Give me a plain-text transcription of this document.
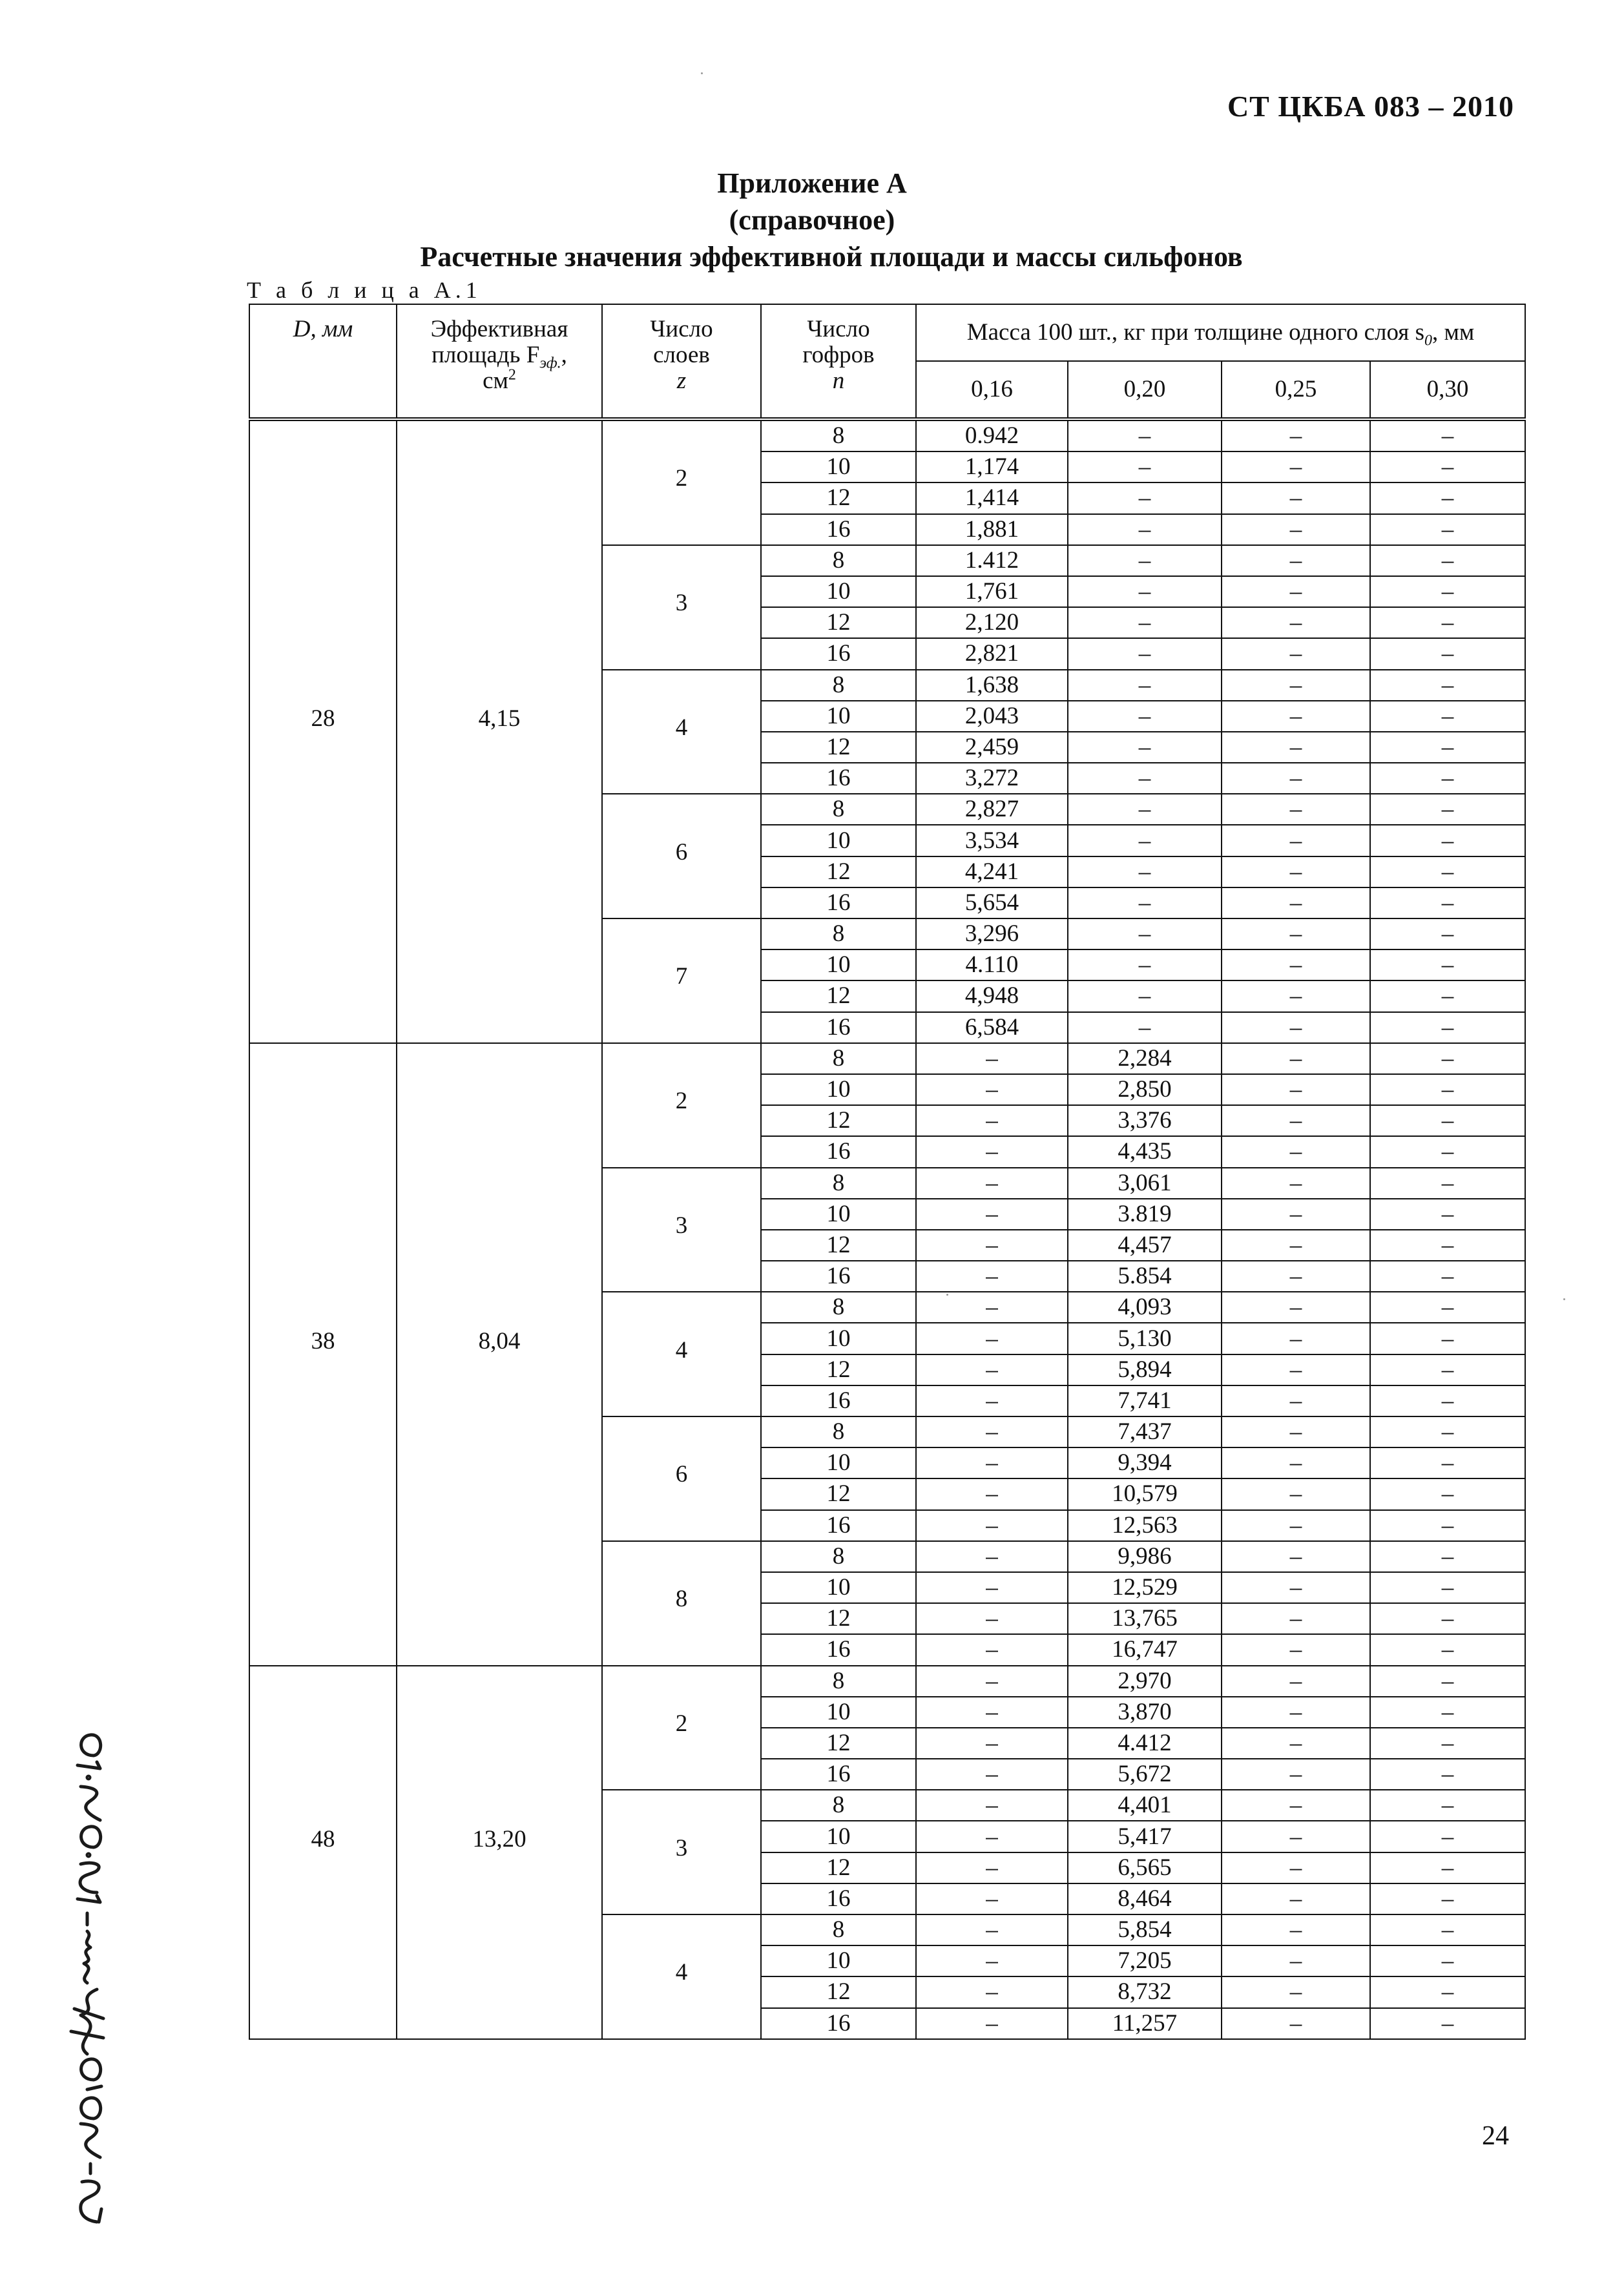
СТ ЦКБА 083 – 2010
Приложение А
(справочное)
Расчетные значения эффективной площади и массы сильфонов
Т а б л и ц а А.1
D, мм	Эффективная
площадь $F_{эф.}$,
$см^2$	Число
слоев
z	Число
гофров
n	Масса 100 шт., кг при толщине одного слоя $s_0$, мм			
				0,16	0,20	0,25	0,30
28	4,15	2	8	0.942	–	–	–
			10	1,174	–	–	–
			12	1,414	–	–	–
			16	1,881	–	–	–
		3	8	1.412	–	–	–
			10	1,761	–	–	–
			12	2,120	–	–	–
			16	2,821	–	–	–
		4	8	1,638	–	–	–
			10	2,043	–	–	–
			12	2,459	–	–	–
			16	3,272	–	–	–
		6	8	2,827	–	–	–
			10	3,534	–	–	–
			12	4,241	–	–	–
			16	5,654	–	–	–
		7	8	3,296	–	–	–
			10	4.110	–	–	–
			12	4,948	–	–	–
			16	6,584	–	–	–
38	8,04	2	8	–	2,284	–	–
			10	–	2,850	–	–
			12	–	3,376	–	–
			16	–	4,435	–	–
		3	8	–	3,061	–	–
			10	–	3.819	–	–
			12	–	4,457	–	–
			16	–	5.854	–	–
		4	8	–	4,093	–	–
			10	–	5,130	–	–
			12	–	5,894	–	–
			16	–	7,741	–	–
		6	8	–	7,437	–	–
			10	–	9,394	–	–
			12	–	10,579	–	–
			16	–	12,563	–	–
		8	8	–	9,986	–	–
			10	–	12,529	–	–
			12	–	13,765	–	–
			16	–	16,747	–	–
48	13,20	2	8	–	2,970	–	–
			10	–	3,870	–	–
			12	–	4.412	–	–
			16	–	5,672	–	–
		3	8	–	4,401	–	–
			10	–	5,417	–	–
			12	–	6,565	–	–
			16	–	8,464	–	–
		4	8	–	5,854	–	–
			10	–	7,205	–	–
			12	–	8,732	–	–
			16	–	11,257	–	–
24
